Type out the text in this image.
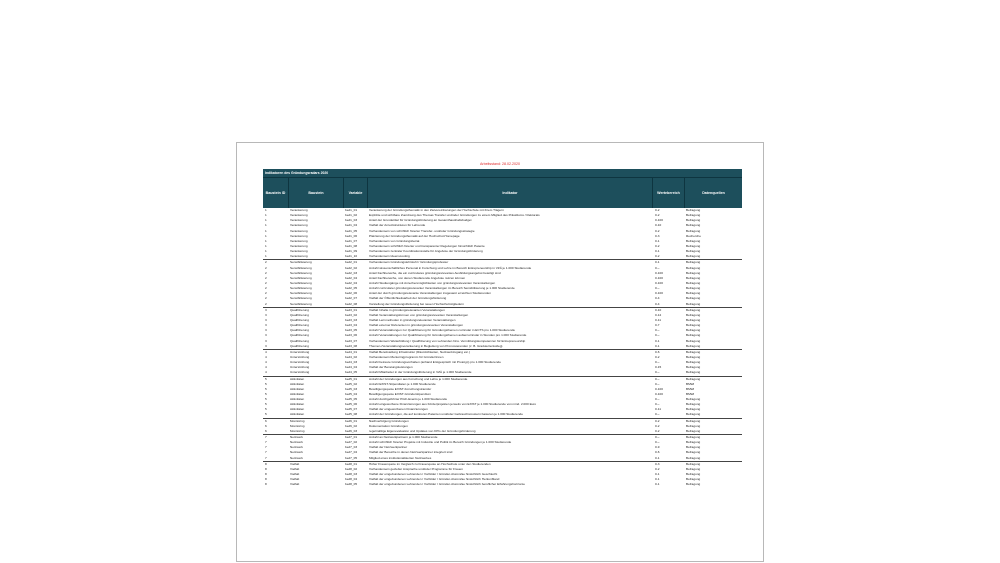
Arbeitsstand: 28.02.2020
Indikatoren des Gründungsradars 2020
Baustein ID	Baustein	Variable	Indikator	Wertebereich	Datenquellen
1	Verankerung	bed1_01	Verankerung der Gründungsthematik in den Zielvereinbarungen der Hochschule mit ihrem Trägern	0-2	Befragung
1	Verankerung	bed1_02	Explizite und sichtbare Zuordnung des Themas Transfer und/oder Gründungen zu einem Mitglied des Präsidiums / Rektorats	0-2	Befragung
1	Verankerung	bed1_03	Anteil der Grundetittel für Gründungsförderung an Gesamthaushaltsbudget	0-100	Befragung
1	Verankerung	bed1_04	Vielfalt der Anreizstrukturen für Lehrende	0-10	Befragung
1	Verankerung	bed1_05	Vorhandensein von schriftlich fixierter Transfer- und/oder Gründungsstrategie	0-2	Befragung
1	Verankerung	bed1_06	Platzierung der Gründungsthematik auf der Hochschul-Homepage	0-3	Recherche
1	Verankerung	bed1_07	Vorhandensein von Gründungsbeirat	0-1	Befragung
1	Verankerung	bed1_08	Vorhandensein schriftlich fixierter und transparenter Regelungen hinsichtlich Patente	0-2	Befragung
1	Verankerung	bed1_09	Vorhandensein zentraler Koordinationsstelle für Angebote der Gründungsförderung	0-1	Befragung
1	Verankerung	bed1_10	Vorhandensein Ideenscouting	0-2	Befragung
2	Sensibilisierung	bed2_01	Vorhandensein Gründungslehrstuhl / Gründungsprofessur	0-1	Befragung
2	Sensibilisierung	bed2_02	Anzahl wissenschaftliches Personal in Forschung und Lehre im Bereich Entrepreneurship in VZÄ je 1.000 Studierende	0-~	Befragung
2	Sensibilisierung	bed2_03	Anteil Fachbereiche, die ein curriculares gründungsrelevantes Ausbildungsangebot beteiligt sind	0-100	Befragung
2	Sensibilisierung	bed2_04	Anteil Fachbereiche, von denen Studierende Angebote nutzen können	0-100	Befragung
2	Sensibilisierung	bed2_04	Anzahl Studiengänge mit Anrechenmöglichkeiten von gründungsrelevanten Veranstaltungen	0-100	Befragung
2	Sensibilisierung	bed2_05	Anzahl curricularer gründungsrelevanter Veranstaltungen im Bereich Sensibilisierung je 1.000 Studierende	0-~	Befragung
2	Sensibilisierung	bed2_06	Anteil der durch gründungsrelevante Veranstaltungen insgesamt erreichten Studierenden	0-100	Befragung
2	Sensibilisierung	bed2_07	Vielfalt der Öffentlichkeitsarbeit der Gründungsförderung	0-4	Befragung
2	Sensibilisierung	bed2_08	Vorstellung der Gründungsförderung bei neuen Hochschulmitgliedern	0-4	Befragung
3	Qualifizierung	bed3_01	Vielfalt Inhalte in gründungsrelevanten Veranstaltungen	0-10	Befragung
3	Qualifizierung	bed3_02	Vielfalt Veranstaltungsformen von gründungsrelevanten Veranstaltungen	0-12	Befragung
3	Qualifizierung	bed3_03	Vielfalt Lernmethoden in gründungsrelevanten Veranstaltungen	0-11	Befragung
3	Qualifizierung	bed3_04	Vielfalt externer Referenten in gründungsrelevanten Veranstaltungen	0-7	Befragung
3	Qualifizierung	bed3_05	Anzahl Veranstaltungen zur Qualifizierung für Gründungsthemen curricular in ECTS pro 1.000 Studierende	0-~	Befragung
3	Qualifizierung	bed3_06	Anzahl Veranstaltungen zur Qualifizierung für Gründungsthemen außercurricular in Stunden pro 1.000 Studierende	0-~	Befragung
3	Qualifizierung	bed3_07	Vorhandensein Weiterbildung / Qualifizierung von Lehrenden hins. Vermittlungskompetenzen für Entrepreneurship	0-1	Befragung
3	Qualifizierung	bed3_08	Themen-/Veranstaltungsverankerung in Begleitung von Promovierenden (z. B. Graduiertenkolleg)	0-1	Befragung
4	Unterstützung	bed4_01	Vielfalt Bereitstellung Infrastruktur (Räumlichkeiten, Netzwerkzugang etc.)	0-6	Befragung
4	Unterstützung	bed4_02	Vorhandensein Mentoringprogramm für Gründer/innen	0-2	Befragung
4	Unterstützung	bed4_03	Anzahl betreute Gründungsvorhaben (anhand Erstgespräch mit Prototyp) pro 1.000 Studierende	0-~	Befragung
4	Unterstützung	bed4_04	Vielfalt der Beratungsleistungen	0-15	Befragung
4	Unterstützung	bed4_05	Anzahl Mitarbeiter in der Gründungsförderung in VZÄ je 1.000 Studierende	0-~	Befragung
5	Aktivitäten	bed5_01	Anzahl der Gründungen aus Forschung und Lehre je 1.000 Studierende	0-~	Befragung
5	Aktivitäten	bed5_02	Anzahl EXIST-Stipendiaten je 1.000 Studierende	0-~	BMWi
5	Aktivitäten	bed5_03	Bewilligungsquote EXIST-Forschungstransfer	0-100	BMWi
5	Aktivitäten	bed5_04	Bewilligungsquote EXIST-Gründerstipendium	0-100	BMWi
5	Aktivitäten	bed5_05	Anzahl durchgeführter Pitch-Events je 1.000 Studierende	0-~	Befragung
5	Aktivitäten	bed5_06	Anzahl eingeworbene Finanzierungen aus Förderprojekten jenseits von EXIST je 1.000 Studierende von mind. 2.000 Euro	0-~	Befragung
5	Aktivitäten	bed5_07	Vielfalt der eingeworbenen Finanzierungen	0-11	Befragung
5	Aktivitäten	bed5_08	Anzahl der Gründungen, die auf konkreten Patenten und/oder Gebrauchsmustern basieren je 1.000 Studierende	0-~	Befragung
6	Monitoring	bed6_01	Nachverfolgung Gründungen	0-2	Befragung
6	Monitoring	bed6_02	Dokumentation Gründungen	0-2	Befragung
6	Monitoring	bed6_03	regelmäßige Eigenevaluation und Updates von KPIs der Gründungsförderung	0-2	Befragung
7	Netzwerk	bed7_01	Anzahl an Netzwerkpartnern je 1.000 Studierende	0-~	Befragung
7	Netzwerk	bed7_02	Anzahl schriftlich fixierter Projekte mit Industrie und Politik im Bereich Gründungen je 1.000 Studierende	0-~	Befragung
7	Netzwerk	bed7_03	Vielfalt der Netzwerkpartner	0-9	Befragung
7	Netzwerk	bed7_04	Vielfalt der Bereiche in denen Netzwerkpartner integriert sind	0-6	Befragung
7	Netzwerk	bed7_05	Mitglied eines institutionalisierten Netzwerkes	0-1	Befragung
8	Vielfalt	bed8_01	Höher Frauenquote im Vergleich zu Frauenquote an Hochschule unter den Studierenden	0-3	Befragung
8	Vielfalt	bed8_02	Vorhandensein gezielter Ansprache und/oder Programme für Frauen	0-2	Befragung
8	Vielfalt	bed8_03	Vielfalt der eingebundenen Lehrenden / Vorbilder / Gründer-Alumni/ae hinsichtlich Geschlecht	0-1	Befragung
8	Vielfalt	bed8_04	Vielfalt der eingebundenen Lehrenden / Vorbilder / Gründer-Alumni/ae hinsichtlich Herkunftland	0-1	Befragung
8	Vielfalt	bed8_05	Vielfalt der eingebundenen Lehrenden / Vorbilder / Gründer-Alumni/ae hinsichtlich beruflicher Erfahrungshorizonte	0-1	Befragung
